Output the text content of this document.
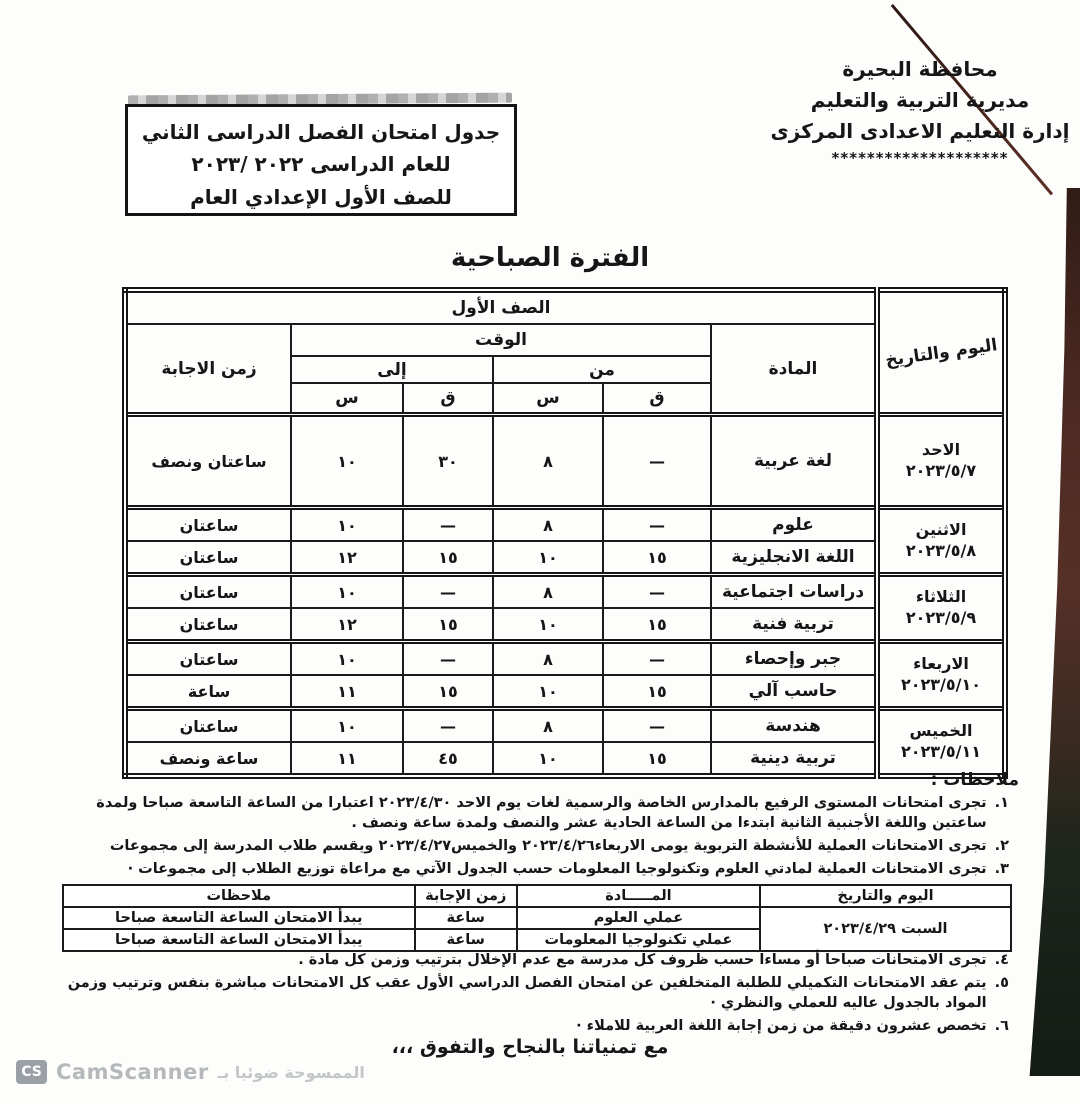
محافظة البحيرة
مديرية التربية والتعليم
إدارة التعليم الاعدادى المركزى
********************
جدول امتحان الفصل الدراسى الثاني
للعام الدراسى ٢٠٢٢ /٢٠٢٣
للصف الأول الإعدادي العام
الفترة الصباحية
اليوم والتاريخ	الصف الأول					
	المادة	الوقت				زمن الاجابة
		من		إلى		
		ق	س	ق	س	

الاحد
٢٠٢٣/٥/٧	لغة عربية	—	٨	٣٠	١٠	ساعتان ونصف

الاثنين
٢٠٢٣/٥/٨	علوم	—	٨	—	١٠	ساعتان
	اللغة الانجليزية	١٥	١٠	١٥	١٢	ساعتان

الثلاثاء
٢٠٢٣/٥/٩	دراسات اجتماعية	—	٨	—	١٠	ساعتان
	تربية فنية	١٥	١٠	١٥	١٢	ساعتان

الاربعاء
٢٠٢٣/٥/١٠	جبر وإحصاء	—	٨	—	١٠	ساعتان
	حاسب آلي	١٥	١٠	١٥	١١	ساعة

الخميس
٢٠٢٣/٥/١١	هندسة	—	٨	—	١٠	ساعتان
	تربية دينية	١٥	١٠	٤٥	١١	ساعة ونصف
ملاحظات :
١.
تجرى امتحانات المستوى الرفيع بالمدارس الخاصة والرسمية لغات يوم الاحد ٢٠٢٣/٤/٣٠ اعتبارا من الساعة التاسعة صباحا ولمدة ساعتين واللغة الأجنبية الثانية ابتدءا من الساعة الحادية عشر والنصف ولمدة ساعة ونصف .
٢.
تجرى الامتحانات العملية للأنشطة التربوية يومى الاربعاء٢٠٢٣/٤/٢٦ والخميس٢٠٢٣/٤/٢٧ ويقسم طلاب المدرسة إلى مجموعات
٣.
تجرى الامتحانات العملية لمادتي العلوم وتكنولوجيا المعلومات حسب الجدول الآتي مع مراعاة توزيع الطلاب إلى مجموعات ·
اليوم والتاريخ	المـــــادة	زمن الإجابة	ملاحظات
السبت ٢٠٢٣/٤/٢٩	عملي العلوم	ساعة	يبدأ الامتحان الساعة التاسعة صباحا
	عملي تكنولوجيا المعلومات	ساعة	يبدأ الامتحان الساعة التاسعة صباحا
٤.
تجرى الامتحانات صباحا أو مساءا حسب ظروف كل مدرسة مع عدم الإخلال بترتيب وزمن كل مادة .
٥.
يتم عقد الامتحانات التكميلي للطلبة المتخلفين عن امتحان الفصل الدراسي الأول عقب كل الامتحانات مباشرة بنفس وترتيب وزمن المواد بالجدول عاليه للعملي والنظري ·
٦.
تخصص عشرون دقيقة من زمن إجابة اللغة العربية للاملاء ·
مع تمنياتنا بالنجاح والتفوق ،،،
CS CamScanner الممسوحة ضوئيا بـ
